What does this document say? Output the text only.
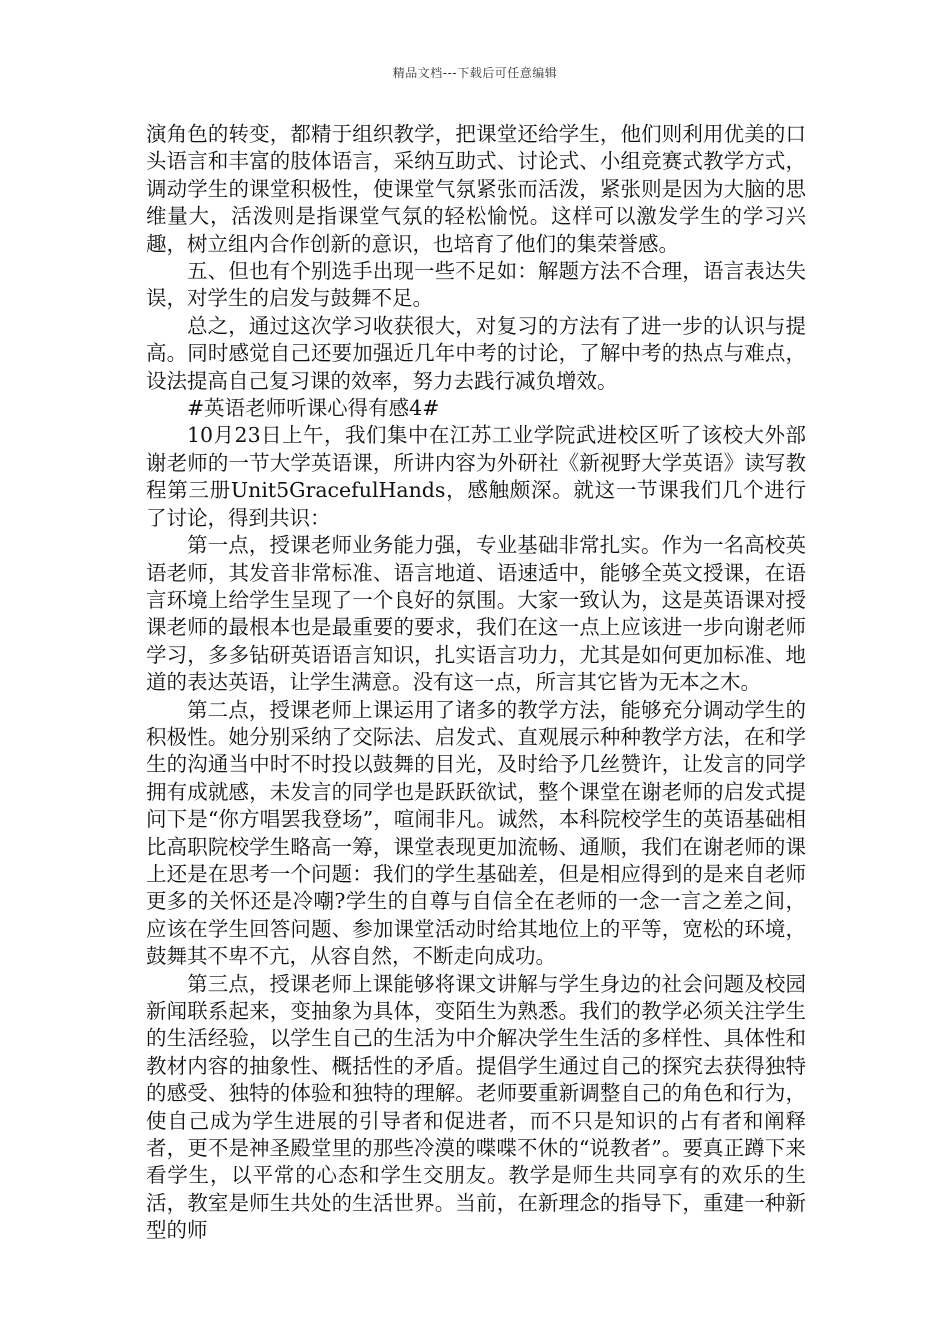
精品文档---下载后可任意编辑

演角色的转变，都精于组织教学，把课堂还给学生，他们则利用优美的口头语言和丰富的肢体语言，采纳互助式、讨论式、小组竞赛式教学方式，调动学生的课堂积极性，使课堂气氛紧张而活泼，紧张则是因为大脑的思维量大，活泼则是指课堂气氛的轻松愉悦。这样可以激发学生的学习兴趣，树立组内合作创新的意识，也培育了他们的集荣誉感。

五、但也有个别选手出现一些不足如：解题方法不合理，语言表达失误，对学生的启发与鼓舞不足。

总之，通过这次学习收获很大，对复习的方法有了进一步的认识与提高。同时感觉自己还要加强近几年中考的讨论，了解中考的热点与难点，设法提高自己复习课的效率，努力去践行减负增效。

#英语老师听课心得有感4#

10月23日上午，我们集中在江苏工业学院武进校区听了该校大外部谢老师的一节大学英语课，所讲内容为外研社《新视野大学英语》读写教程第三册Unit5GracefulHands，感触颇深。就这一节课我们几个进行了讨论，得到共识：

第一点，授课老师业务能力强，专业基础非常扎实。作为一名高校英语老师，其发音非常标准、语言地道、语速适中，能够全英文授课，在语言环境上给学生呈现了一个良好的氛围。大家一致认为，这是英语课对授课老师的最根本也是最重要的要求，我们在这一点上应该进一步向谢老师学习，多多钻研英语语言知识，扎实语言功力，尤其是如何更加标准、地道的表达英语，让学生满意。没有这一点，所言其它皆为无本之木。

第二点，授课老师上课运用了诸多的教学方法，能够充分调动学生的积极性。她分别采纳了交际法、启发式、直观展示种种教学方法，在和学生的沟通当中时不时投以鼓舞的目光，及时给予几丝赞许，让发言的同学拥有成就感，未发言的同学也是跃跃欲试，整个课堂在谢老师的启发式提问下是“你方唱罢我登场”，喧闹非凡。诚然，本科院校学生的英语基础相比高职院校学生略高一筹，课堂表现更加流畅、通顺，我们在谢老师的课上还是在思考一个问题：我们的学生基础差，但是相应得到的是来自老师更多的关怀还是冷嘲?学生的自尊与自信全在老师的一念一言之差之间，应该在学生回答问题、参加课堂活动时给其地位上的平等，宽松的环境，鼓舞其不卑不亢，从容自然，不断走向成功。

第三点，授课老师上课能够将课文讲解与学生身边的社会问题及校园新闻联系起来，变抽象为具体，变陌生为熟悉。我们的教学必须关注学生的生活经验，以学生自己的生活为中介解决学生生活的多样性、具体性和教材内容的抽象性、概括性的矛盾。提倡学生通过自己的探究去获得独特的感受、独特的体验和独特的理解。老师要重新调整自己的角色和行为，使自己成为学生进展的引导者和促进者，而不只是知识的占有者和阐释者，更不是神圣殿堂里的那些冷漠的喋喋不休的“说教者”。要真正蹲下来看学生，以平常的心态和学生交朋友。教学是师生共同享有的欢乐的生活，教室是师生共处的生活世界。当前，在新理念的指导下，重建一种新型的师
